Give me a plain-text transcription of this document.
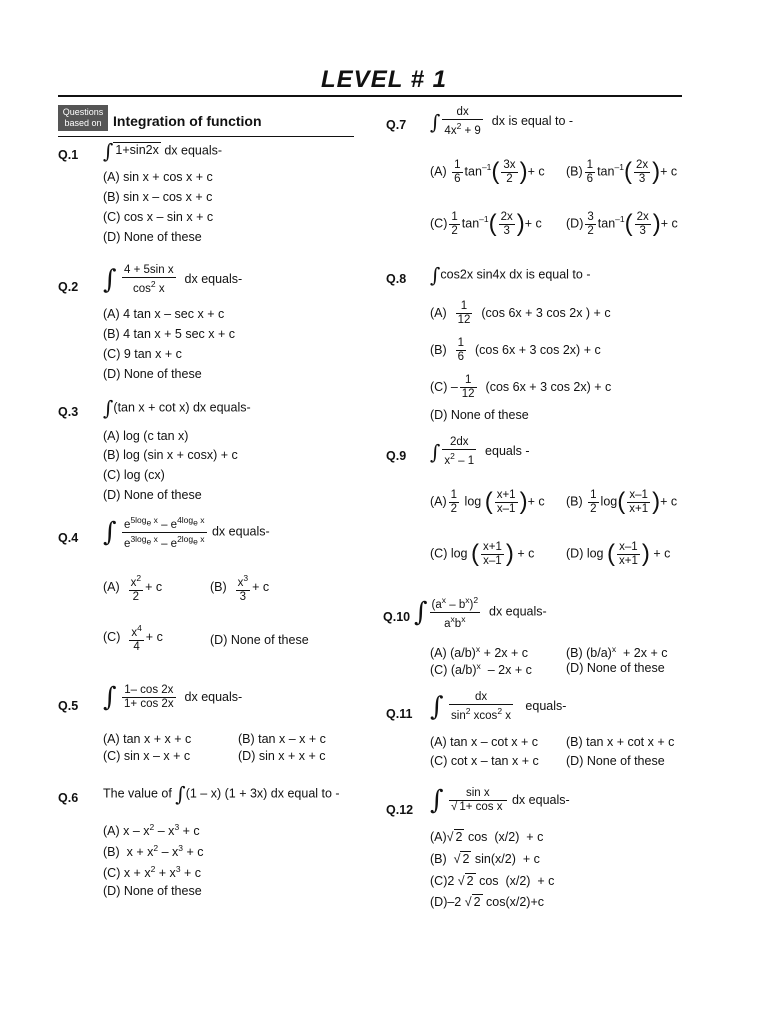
LEVEL # 1
Questions
based on Integration of function
Q.1 ∫ 1+sin2x dx equals-
(A) sin x + cos x + c
(B) sin x – cos x + c
(C) cos x – sin x + c
(D) None of these
Q.2 ∫ $\frac{\text{4 + 5sin x}}{\cos^2 x}$ dx equals-
(A) 4 tan x – sec x + c
(B) 4 tan x + 5 sec x + c
(C) 9 tan x + c
(D) None of these
Q.3 ∫(tan x + cot x) dx equals-
(A) log (c tan x)
(B) log (sin x + cosx) + c
(C) log (cx)
(D) None of these
Q.4 ∫ $\frac{e^{5log_e x} - e^{4log_e x}}{e^{3log_e x} - e^{2log_e x}}$ dx equals-
$(A) \frac{x^2}{2} + c$	$(B) \frac{x^3}{3} + c$
$(C) \frac{x^4}{4} + c$	(D) None of these
Q.5 ∫ $\frac{1- \cos 2x}{1+ \cos 2x}$ dx equals-
(A) tan x + x + c	(B) tan x – x + c
(C) sin x – x + c	(D) sin x + x + c
Q.6 The value of ∫(1 – x) (1 + 3x) dx equal to -
(A) $x - x^2 - x^3 + c$
(B)  $x + x^2 - x^3 + c$
(C) $x + x^2 + x^3 + c$
(D) None of these
Q.7 ∫ $\frac{dx}{4x^2 + 9}$ dx is equal to -
$(A) \frac{1}{6} \tan^{-1}( \frac{3x}{2}$ )+ c $(B) \frac{1}{6} \tan^{-1}( \frac{2x}{3}$ )+ c
$(C) \frac{1}{2} \tan^{-1}( \frac{2x}{3}$ )+ c $(D) \frac{3}{2} \tan^{-1}( \frac{2x}{3}$ )+ c
Q.8 ∫cos2x sin4x dx is equal to -
$(A) \frac{1}{12} (\cos$ 6x + 3 cos 2x ) + c
$(B) \frac{1}{6} (\cos$ 6x + 3 cos 2x) + c
$(C) - \frac{1}{12} (\cos$ 6x + 3 cos 2x) + c
(D) None of these
Q.9 ∫ $\frac{2dx}{x^2 - 1}$ equals -
$(A) \frac{1}{2}$ log ( $\frac{x+1}{x-1}$ )+ c $(B) \frac{1}{2} \log( \frac{x-1}{x+1}$ )+ c
(C) log ( $\frac{x+1}{x-1}$ ) + c	(D) log ( $\frac{x-1}{x+1}$ ) + c
Q.10 ∫ $\frac{(a^x - b^x)^2}{a^xb^x}$ dx equals-
(A) $(a/b)^x + 2x + c$	(B) $(b/a)^x + 2x + c$
(C) $(a/b)^x - 2x + c$	(D) None of these
Q.11 ∫ $\frac{dx}{\sin^2 xcos^2 x}$ equals-
(A) tan x – cot x + c (B) tan x + cot x + c
(C) cot x – tan x + c (D) None of these
Q.12 ∫ $\frac{\text{sin x}}{\text{√ 1+ cos x}}$ dx equals-
(A)√ 2 cos  (x/2)  + c
(B)  √ 2 sin(x/2)  + c
(C)2 √ 2 cos  (x/2)  + c
(D)–2 √ 2 cos(x/2)+c
